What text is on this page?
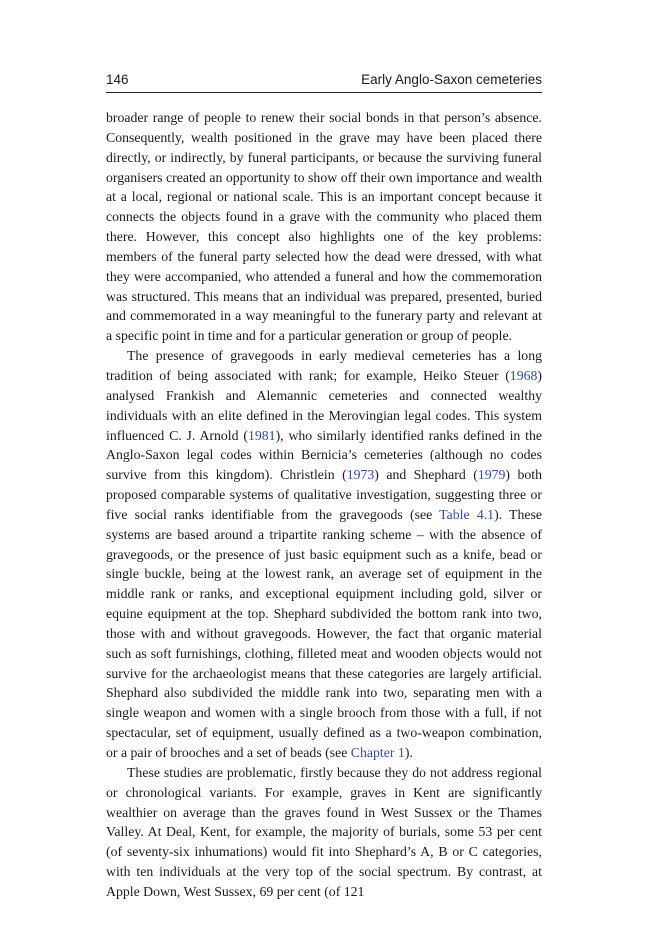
146	Early Anglo-Saxon cemeteries

broader range of people to renew their social bonds in that person’s absence. Consequently, wealth positioned in the grave may have been placed there directly, or indirectly, by funeral participants, or because the surviving funeral organisers created an opportunity to show off their own importance and wealth at a local, regional or national scale. This is an important concept because it connects the objects found in a grave with the community who placed them there. However, this concept also highlights one of the key problems: members of the funeral party selected how the dead were dressed, with what they were accompanied, who attended a funeral and how the commemoration was structured. This means that an individual was prepared, presented, buried and commemorated in a way meaningful to the funerary party and relevant at a specific point in time and for a particular generation or group of people.

The presence of gravegoods in early medieval cemeteries has a long tradition of being associated with rank; for example, Heiko Steuer (1968) analysed Frankish and Alemannic cemeteries and connected wealthy individuals with an elite defined in the Merovingian legal codes. This system influenced C. J. Arnold (1981), who similarly identified ranks defined in the Anglo-Saxon legal codes within Bernicia’s cemeteries (although no codes survive from this kingdom). Christlein (1973) and Shephard (1979) both proposed comparable systems of qualitative investigation, suggesting three or five social ranks identifiable from the gravegoods (see Table 4.1). These systems are based around a tripartite ranking scheme – with the absence of gravegoods, or the presence of just basic equipment such as a knife, bead or single buckle, being at the lowest rank, an average set of equipment in the middle rank or ranks, and exceptional equipment including gold, silver or equine equipment at the top. Shephard subdivided the bottom rank into two, those with and without gravegoods. However, the fact that organic material such as soft furnishings, clothing, filleted meat and wooden objects would not survive for the archaeologist means that these categories are largely artificial. Shephard also subdivided the middle rank into two, separating men with a single weapon and women with a single brooch from those with a full, if not spectacular, set of equipment, usually defined as a two-weapon combination, or a pair of brooches and a set of beads (see Chapter 1).

These studies are problematic, firstly because they do not address regional or chronological variants. For example, graves in Kent are significantly wealthier on average than the graves found in West Sussex or the Thames Valley. At Deal, Kent, for example, the majority of burials, some 53 per cent (of seventy-six inhumations) would fit into Shephard’s A, B or C categories, with ten individuals at the very top of the social spectrum. By contrast, at Apple Down, West Sussex, 69 per cent (of 121
